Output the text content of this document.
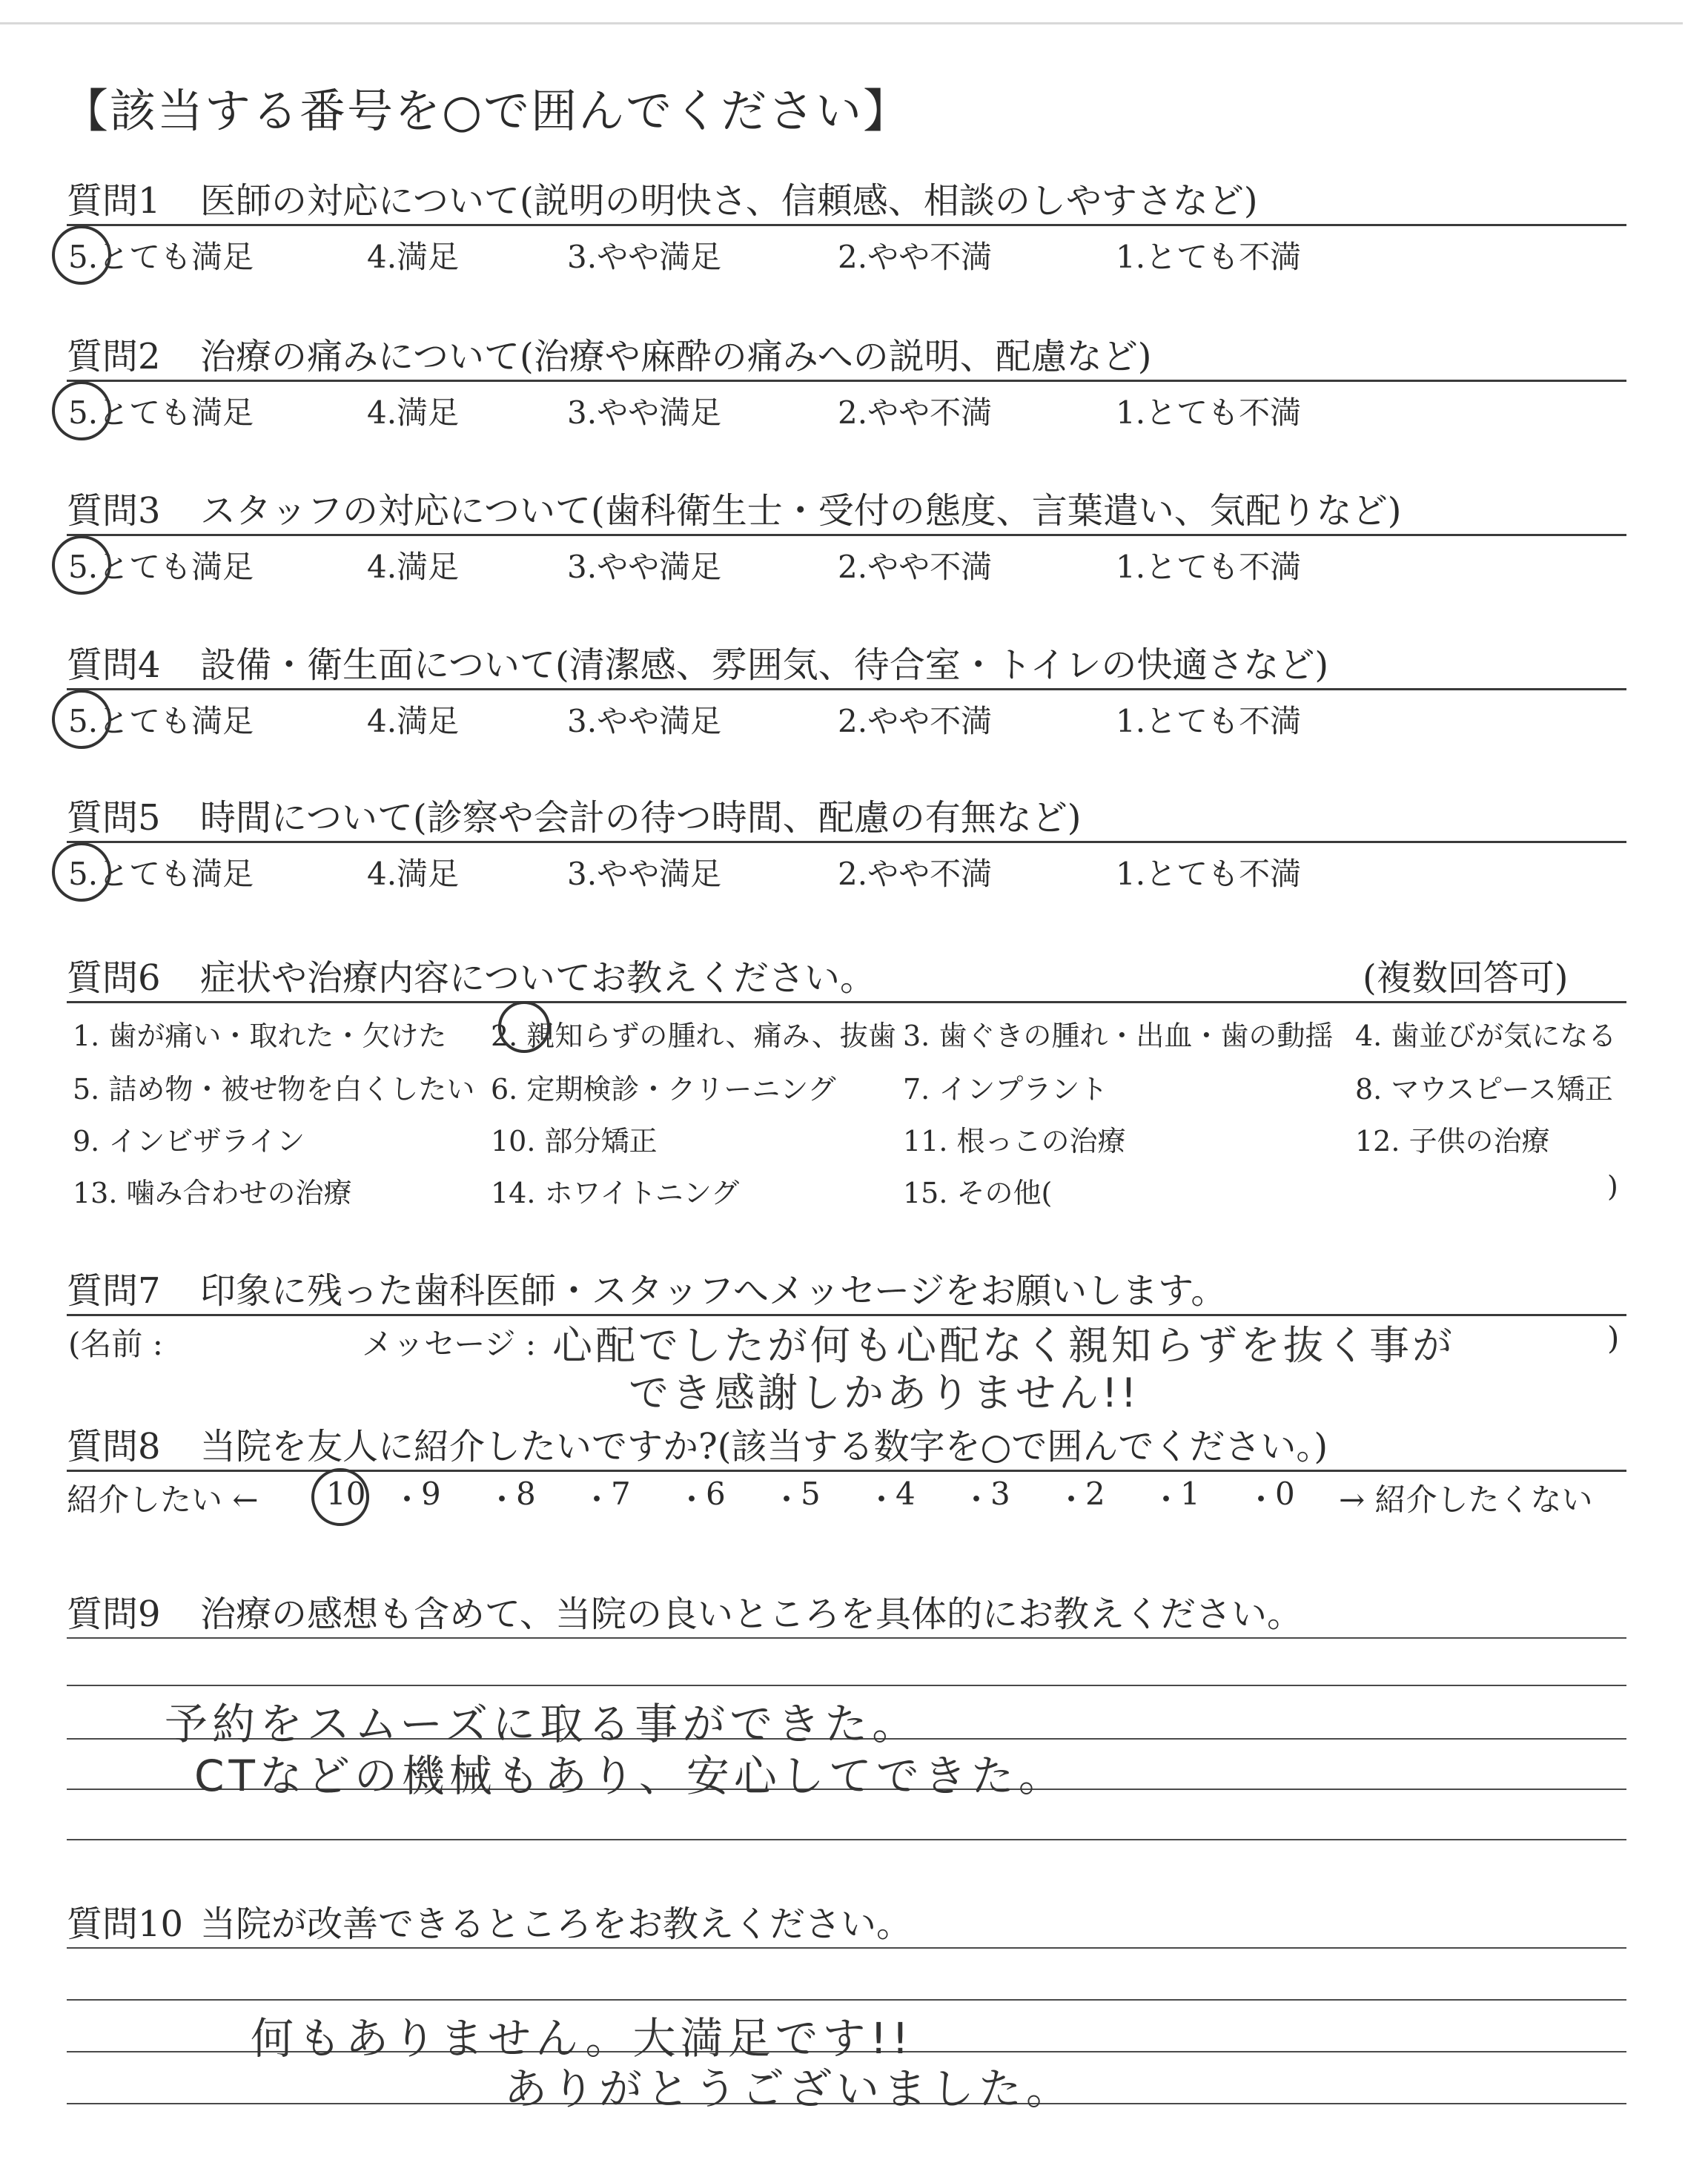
【該当する番号を○で囲んでください】
質問1 医師の対応について(説明の明快さ、信頼感、相談のしやすさなど)
5.とても満足	4.満足	3.やや満足	2.やや不満	1.とても不満
質問2 治療の痛みについて(治療や麻酔の痛みへの説明、配慮など)
5.とても満足	4.満足	3.やや満足	2.やや不満	1.とても不満
質問3 スタッフの対応について(歯科衛生士・受付の態度、言葉遣い、気配りなど)
5.とても満足	4.満足	3.やや満足	2.やや不満	1.とても不満
質問4 設備・衛生面について(清潔感、雰囲気、待合室・トイレの快適さなど)
5.とても満足	4.満足	3.やや満足	2.やや不満	1.とても不満
質問5 時間について(診察や会計の待つ時間、配慮の有無など)
5.とても満足	4.満足	3.やや満足	2.やや不満	1.とても不満
質問6 症状や治療内容についてお教えください。	(複数回答可)
1. 歯が痛い・取れた・欠けた 2. 親知らずの腫れ、痛み、抜歯 3. 歯ぐきの腫れ・出血・歯の動揺 4. 歯並びが気になる
5. 詰め物・被せ物を白くしたい 6. 定期検診・クリーニング 7. インプラント	8. マウスピース矯正
9. インビザライン	10. 部分矯正	11. 根っこの治療	12. 子供の治療
13. 噛み合わせの治療	14. ホワイトニング	15. その他(	)
質問7 印象に残った歯科医師・スタッフへメッセージをお願いします。
(名前 :	メッセージ :	)
心配でしたが何も心配なく親知らずを抜く事が
でき感謝しかありません!!
質問8 当院を友人に紹介したいですか?(該当する数字を○で囲んでください。)
紹介したい ←	→ 紹介したくない
10 ・
9 ・
8 ・
7 ・
6 ・
5 ・
4 ・
3 ・
2 ・
1 ・
0
質問9 治療の感想も含めて、当院の良いところを具体的にお教えください。
予約をスムーズに取る事ができた。
CTなどの機械もあり、安心してできた。
質問10 当院が改善できるところをお教えください。
何もありません。大満足です!!
ありがとうございました。
